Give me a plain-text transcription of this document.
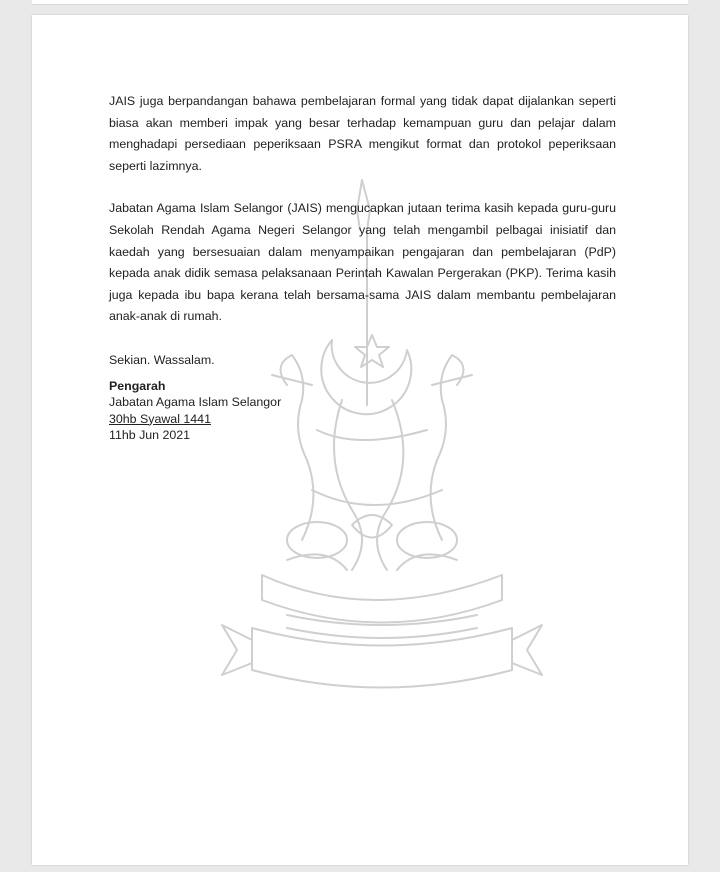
JAIS juga berpandangan bahawa pembelajaran formal yang tidak dapat dijalankan seperti biasa akan memberi impak yang besar terhadap kemampuan guru dan pelajar dalam menghadapi persediaan peperiksaan PSRA mengikut format dan protokol peperiksaan seperti lazimnya.

Jabatan Agama Islam Selangor (JAIS) mengucapkan jutaan terima kasih kepada guru-guru Sekolah Rendah Agama Negeri Selangor yang telah mengambil pelbagai inisiatif dan kaedah yang bersesuaian dalam menyampaikan pengajaran dan pembelajaran (PdP) kepada anak didik semasa pelaksanaan Perintah Kawalan Pergerakan (PKP). Terima kasih juga kepada ibu bapa kerana telah bersama-sama JAIS dalam membantu pembelajaran anak-anak di rumah.

Sekian. Wassalam.

Pengarah
Jabatan Agama Islam Selangor
30hb Syawal 1441
11hb Jun 2021
